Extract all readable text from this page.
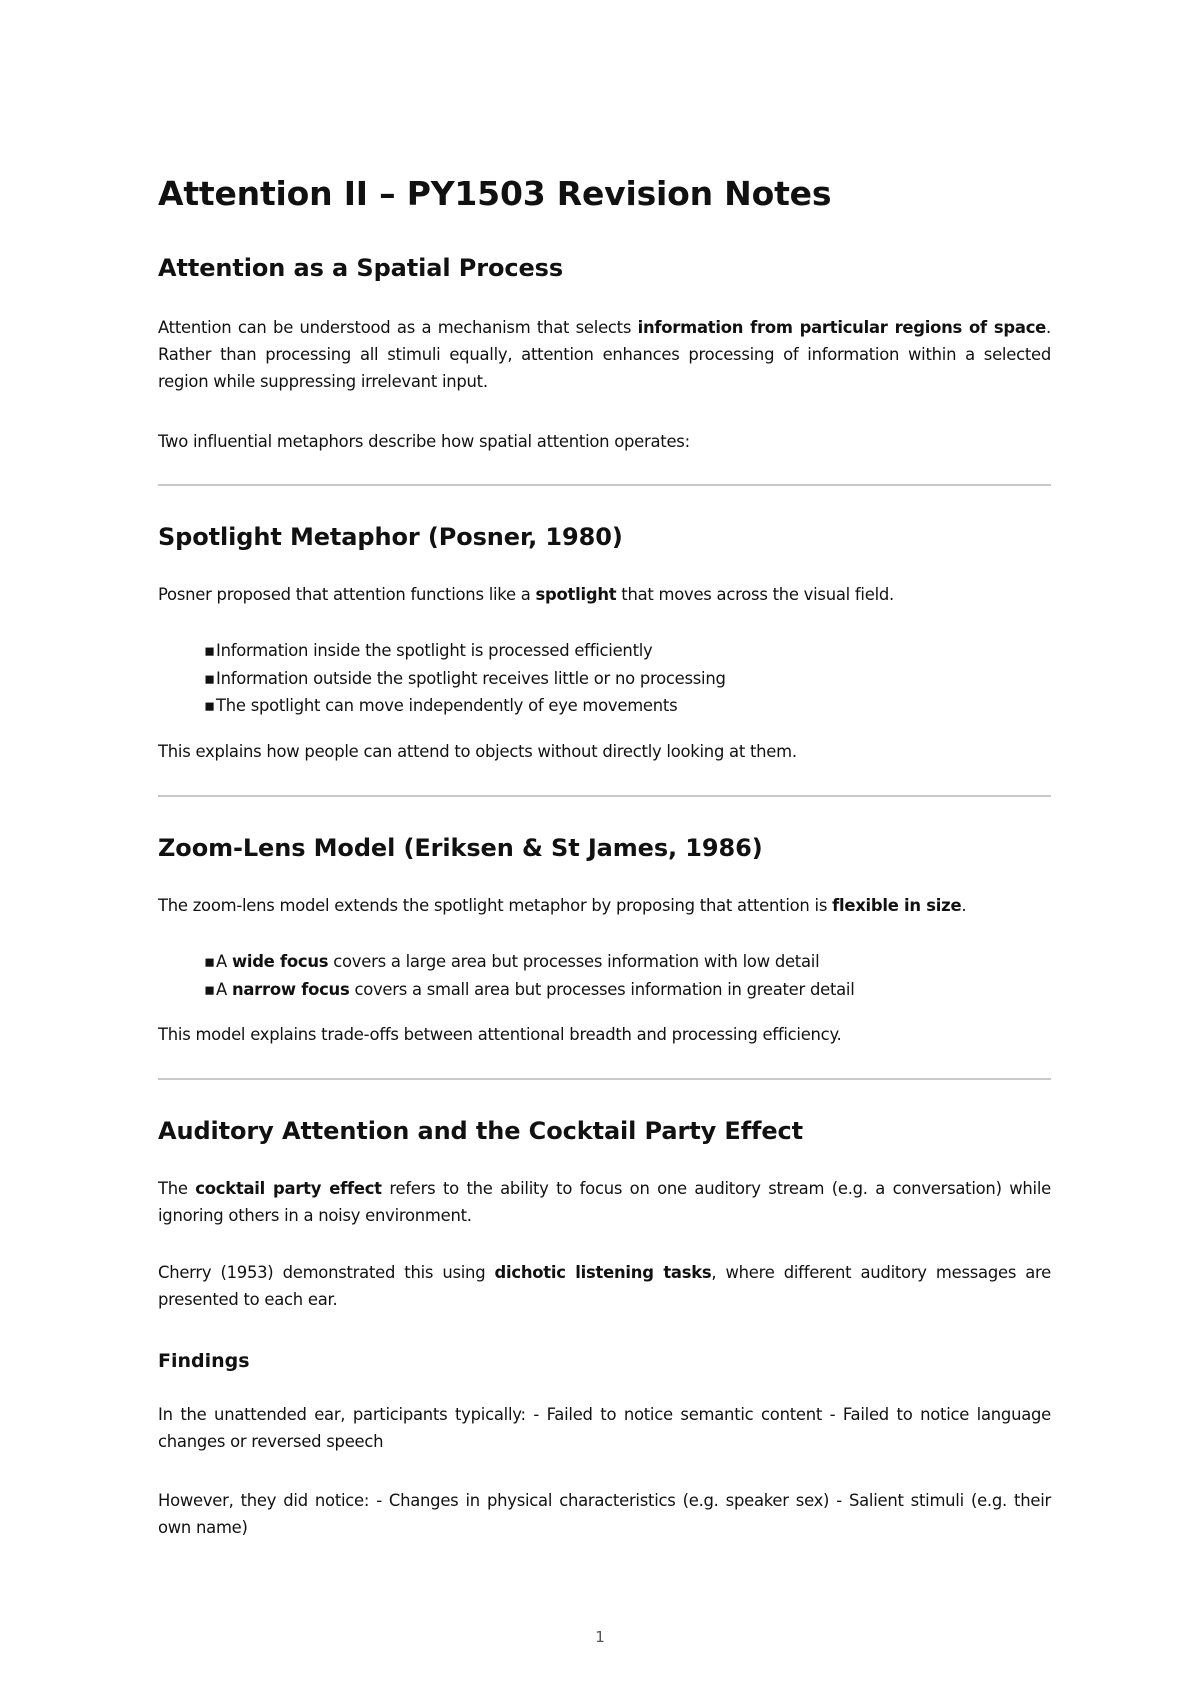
Attention II – PY1503 Revision Notes
Attention as a Spatial Process

Attention can be understood as a mechanism that selects information from particular regions of space. Rather than processing all stimuli equally, attention enhances processing of information within a selected region while suppressing irrelevant input.

Two influential metaphors describe how spatial attention operates:

Spotlight Metaphor (Posner, 1980)

Posner proposed that attention functions like a spotlight that moves across the visual field.

▪Information inside the spotlight is processed efficiently
▪Information outside the spotlight receives little or no processing
▪The spotlight can move independently of eye movements

This explains how people can attend to objects without directly looking at them.

Zoom-Lens Model (Eriksen & St James, 1986)

The zoom-lens model extends the spotlight metaphor by proposing that attention is flexible in size.

▪A wide focus covers a large area but processes information with low detail
▪A narrow focus covers a small area but processes information in greater detail

This model explains trade-offs between attentional breadth and processing efficiency.

Auditory Attention and the Cocktail Party Effect

The cocktail party effect refers to the ability to focus on one auditory stream (e.g. a conversation) while ignoring others in a noisy environment.

Cherry (1953) demonstrated this using dichotic listening tasks, where different auditory messages are presented to each ear.

Findings

In the unattended ear, participants typically: - Failed to notice semantic content - Failed to notice language changes or reversed speech

However, they did notice: - Changes in physical characteristics (e.g. speaker sex) - Salient stimuli (e.g. their own name)

1
